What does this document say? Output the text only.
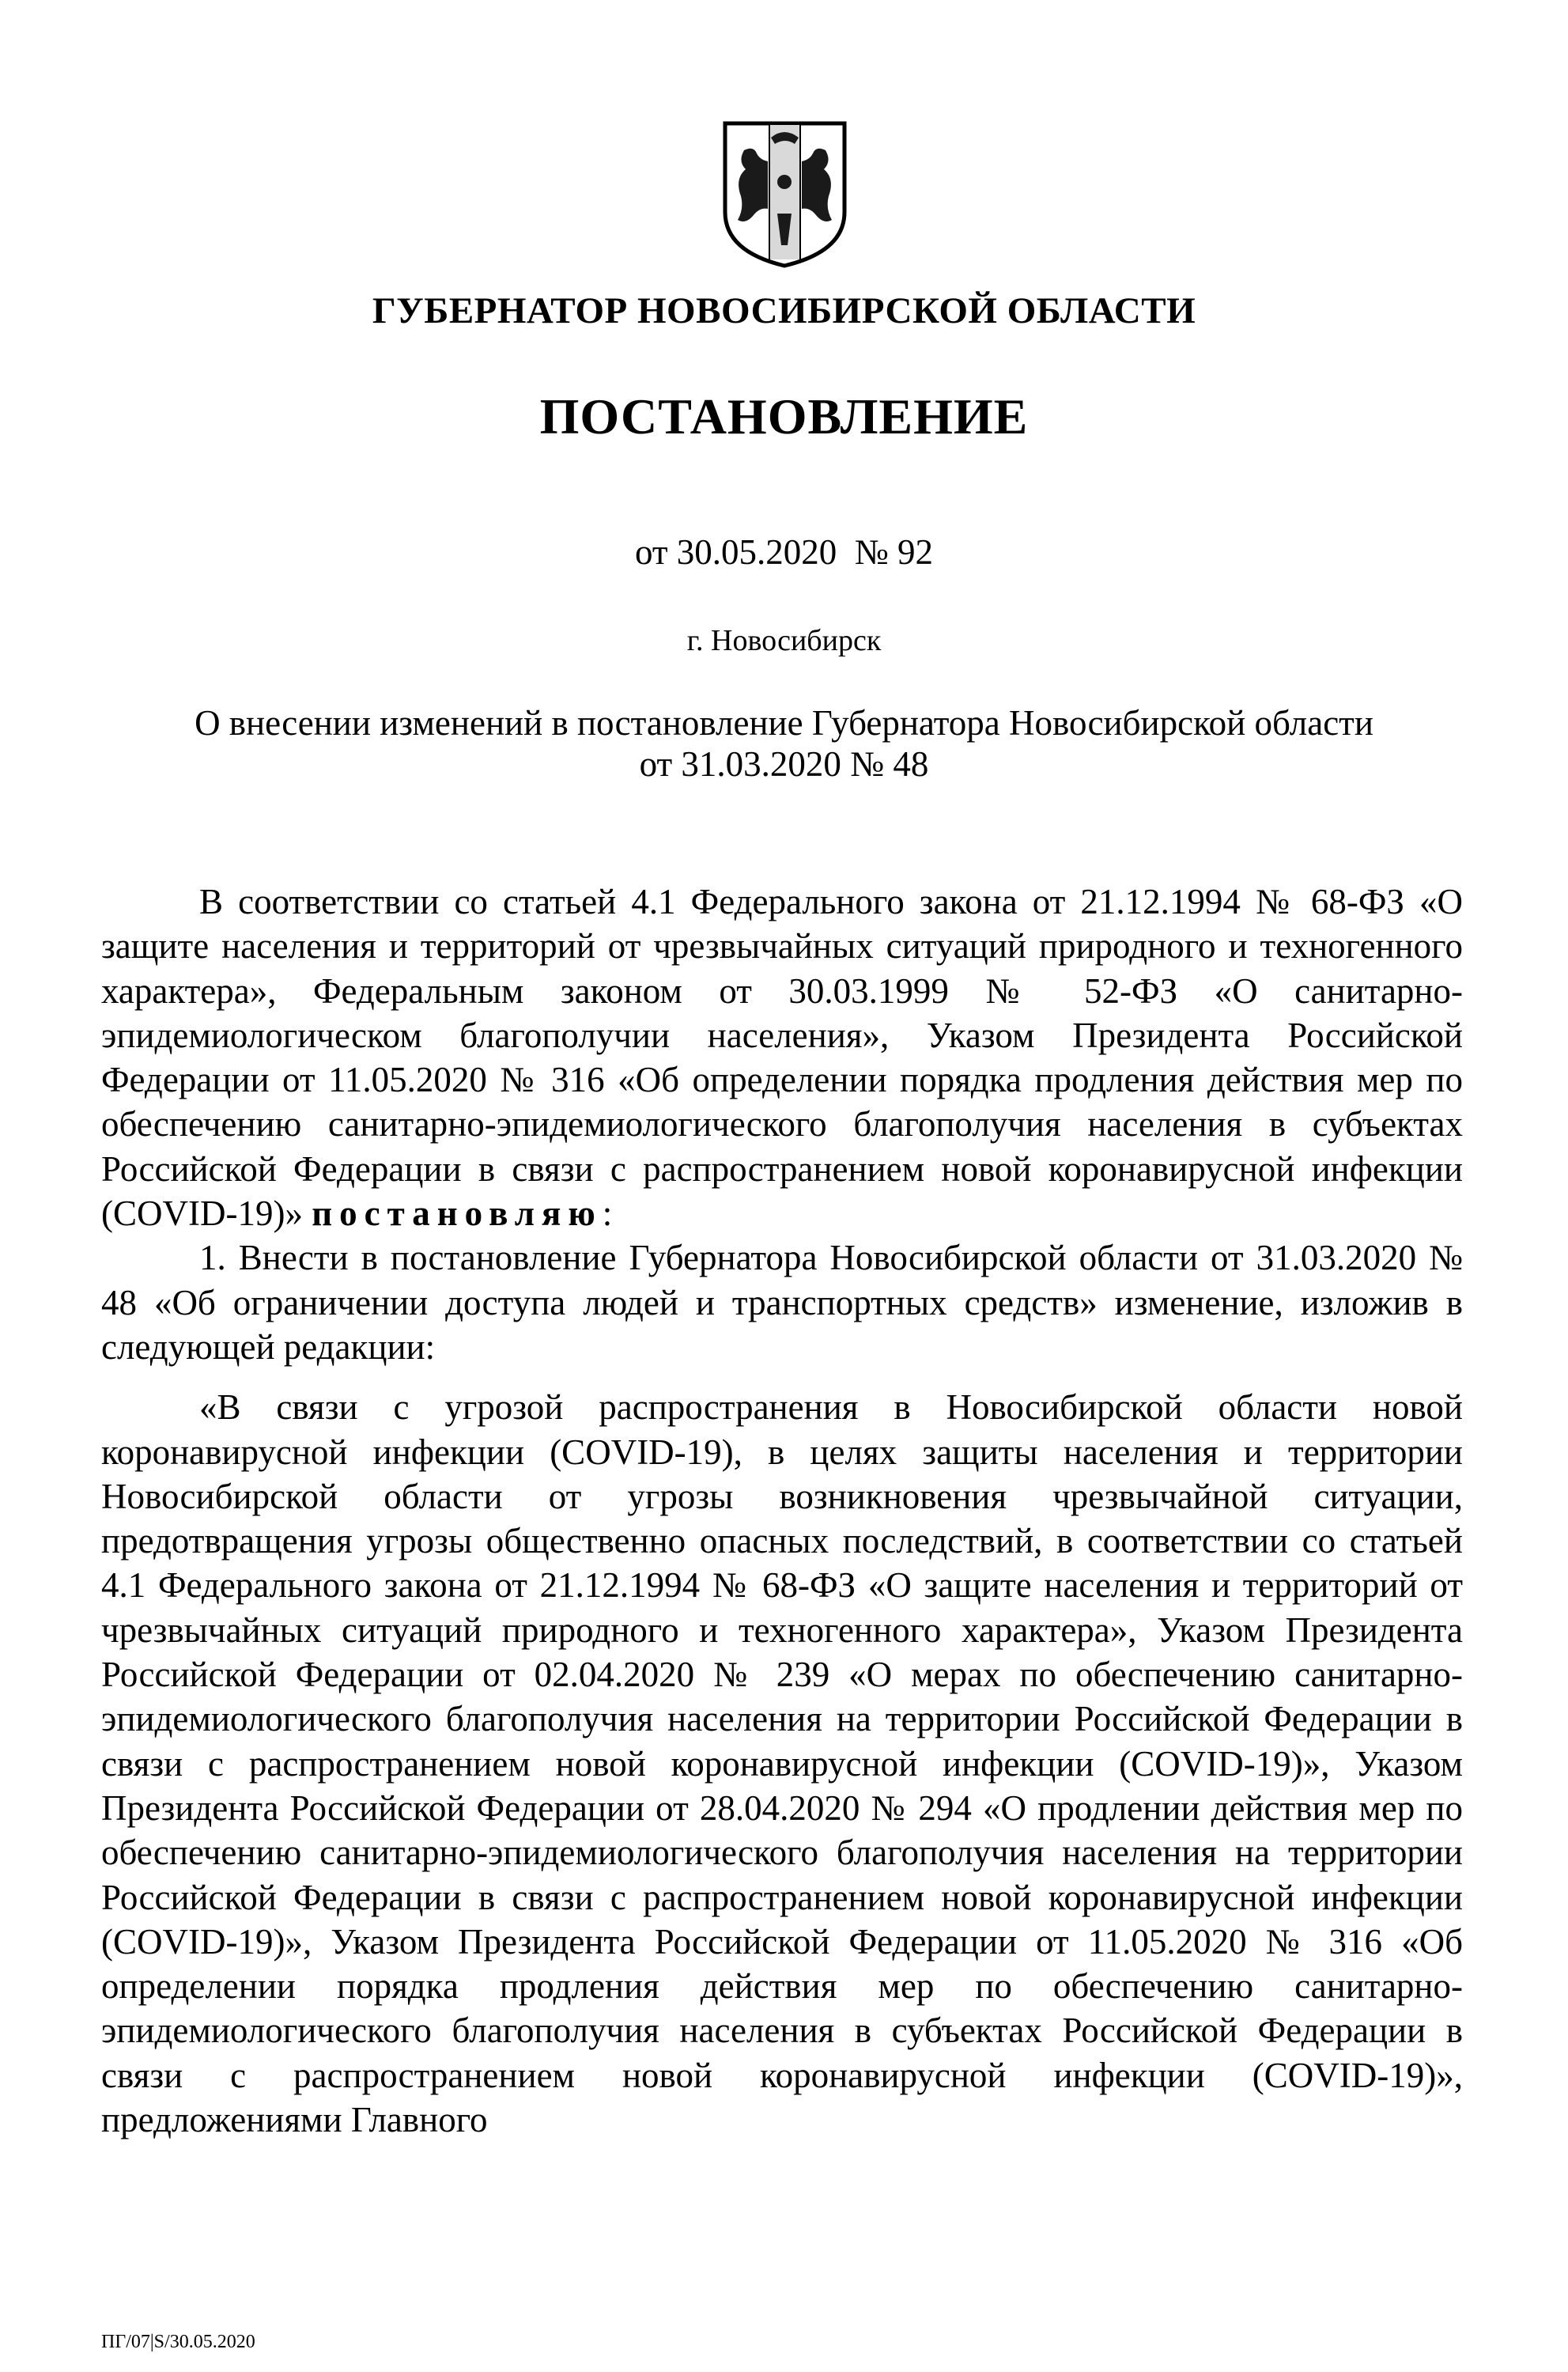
ГУБЕРНАТОР НОВОСИБИРСКОЙ ОБЛАСТИ
ПОСТАНОВЛЕНИЕ
от 30.05.2020  № 92
г. Новосибирск
О внесении изменений в постановление Губернатора Новосибирской области
от 31.03.2020 № 48

В соответствии со статьей 4.1 Федерального закона от 21.12.1994 № 68-ФЗ «О защите населения и территорий от чрезвычайных ситуаций природного и техногенного характера», Федеральным законом от 30.03.1999 № 52-ФЗ «О санитарно-эпидемиологическом благополучии населения», Указом Президента Российской Федерации от 11.05.2020 № 316 «Об определении порядка продления действия мер по обеспечению санитарно-эпидемиологического благополучия населения в субъектах Российской Федерации в связи с распространением новой коронавирусной инфекции (COVID-19)» постановляю:

1. Внести в постановление Губернатора Новосибирской области от 31.03.2020 № 48 «Об ограничении доступа людей и транспортных средств» изменение, изложив в следующей редакции:

«В связи с угрозой распространения в Новосибирской области новой коронавирусной инфекции (COVID-19), в целях защиты населения и территории Новосибирской области от угрозы возникновения чрезвычайной ситуации, предотвращения угрозы общественно опасных последствий, в соответствии со статьей 4.1 Федерального закона от 21.12.1994 № 68-ФЗ «О защите населения и территорий от чрезвычайных ситуаций природного и техногенного характера», Указом Президента Российской Федерации от 02.04.2020 № 239 «О мерах по обеспечению санитарно-эпидемиологического благополучия населения на территории Российской Федерации в связи с распространением новой коронавирусной инфекции (COVID-19)», Указом Президента Российской Федерации от 28.04.2020 № 294 «О продлении действия мер по обеспечению санитарно-эпидемиологического благополучия населения на территории Российской Федерации в связи с распространением новой коронавирусной инфекции (COVID-19)», Указом Президента Российской Федерации от 11.05.2020 № 316 «Об определении порядка продления действия мер по обеспечению санитарно-эпидемиологического благополучия населения в субъектах Российской Федерации в связи с распространением новой коронавирусной инфекции (COVID-19)», предложениями Главного

ПГ/07|S/30.05.2020
